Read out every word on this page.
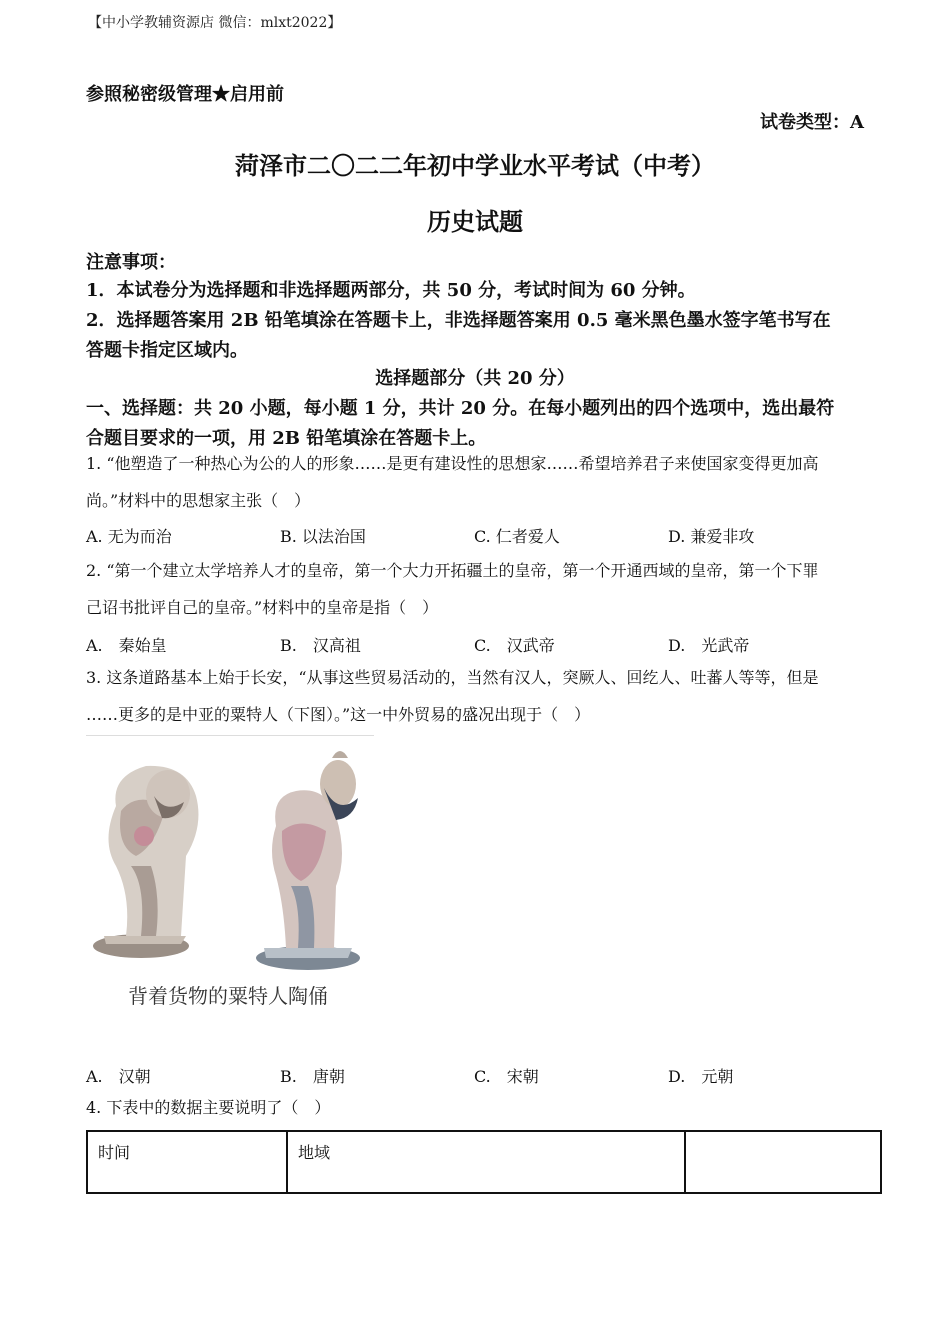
【中小学教辅资源店 微信：mlxt2022】
参照秘密级管理★启用前
试卷类型：A
菏泽市二〇二二年初中学业水平考试（中考）
历史试题
注意事项：
1．本试卷分为选择题和非选择题两部分，共 50 分，考试时间为 60 分钟。
2．选择题答案用 2B 铅笔填涂在答题卡上，非选择题答案用 0.5 毫米黑色墨水签字笔书写在
答题卡指定区域内。
选择题部分（共 20 分）
一、选择题：共 20 小题，每小题 1 分，共计 20 分。在每小题列出的四个选项中，选出最符
合题目要求的一项，用 2B 铅笔填涂在答题卡上。
1. “他塑造了一种热心为公的人的形象……是更有建设性的思想家……希望培养君子来使国家变得更加高
尚。”材料中的思想家主张（　）
A. 无为而治	B. 以法治国	C. 仁者爱人	D. 兼爱非攻
2. “第一个建立太学培养人才的皇帝，第一个大力开拓疆土的皇帝，第一个开通西域的皇帝，第一个下罪
己诏书批评自己的皇帝。”材料中的皇帝是指（　）
A.　秦始皇	B.　汉高祖	C.　汉武帝	D.　光武帝
3. 这条道路基本上始于长安，“从事这些贸易活动的，当然有汉人，突厥人、回纥人、吐蕃人等等，但是
……更多的是中亚的粟特人（下图）。”这一中外贸易的盛况出现于（　）
背着货物的粟特人陶俑
A.　汉朝	B.　唐朝	C.　宋朝	D.　元朝
4. 下表中的数据主要说明了（　）
时间	地域	
